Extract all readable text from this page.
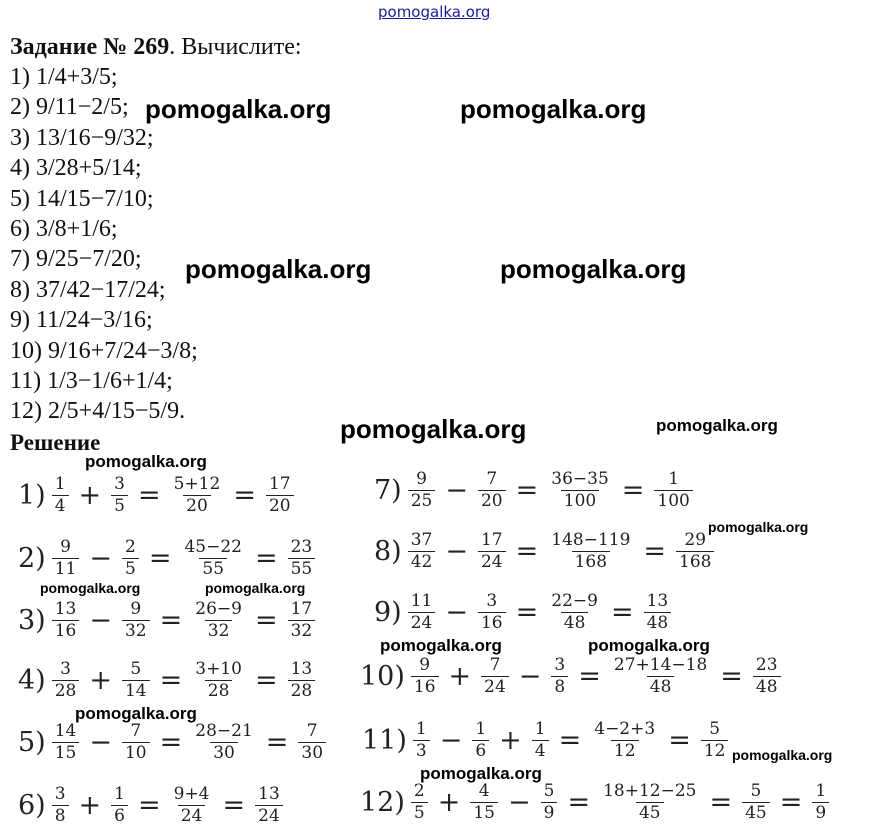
pomogalka.org

Задание № 269. Вычислите:

1) 1/4+3/5;
2) 9/11−2/5;
3) 13/16−9/32;
4) 3/28+5/14;
5) 14/15−7/10;
6) 3/8+1/6;
7) 9/25−7/20;
8) 37/42−17/24;
9) 11/24−3/16;
10) 9/16+7/24−3/8;
11) 1/3−1/6+1/4;
12) 2/5+4/15−5/9.
Решение
$1) \frac{1}{4} + \frac{3}{5} = \frac{5+12}{20} = \frac{17}{20}$
$2) \frac{9}{11} - \frac{2}{5} = \frac{45-22}{55} = \frac{23}{55}$
$3) \frac{13}{16} - \frac{9}{32} = \frac{26-9}{32} = \frac{17}{32}$
$4) \frac{3}{28} + \frac{5}{14} = \frac{3+10}{28} = \frac{13}{28}$
$5) \frac{14}{15} - \frac{7}{10} = \frac{28-21}{30} = \frac{7}{30}$
$6) \frac{3}{8} + \frac{1}{6} = \frac{9+4}{24} = \frac{13}{24}$
$7) \frac{9}{25} - \frac{7}{20} = \frac{36-35}{100} = \frac{1}{100}$
$8) \frac{37}{42} - \frac{17}{24} = \frac{148-119}{168} = \frac{29}{168}$
$9) \frac{11}{24} - \frac{3}{16} = \frac{22-9}{48} = \frac{13}{48}$
$10) \frac{9}{16} + \frac{7}{24} - \frac{3}{8} = \frac{27+14-18}{48} = \frac{23}{48}$
$11) \frac{1}{3} - \frac{1}{6} + \frac{1}{4} = \frac{4-2+3}{12} = \frac{5}{12}$
$12) \frac{2}{5} + \frac{4}{15} - \frac{5}{9} = \frac{18+12-25}{45} = \frac{5}{45} = \frac{1}{9}$
pomogalka.org	pomogalka.org
pomogalka.org	pomogalka.org
pomogalka.org	pomogalka.org
pomogalka.org
pomogalka.org
pomogalka.org	pomogalka.org
pomogalka.org	pomogalka.org
pomogalka.org
pomogalka.org
pomogalka.org
